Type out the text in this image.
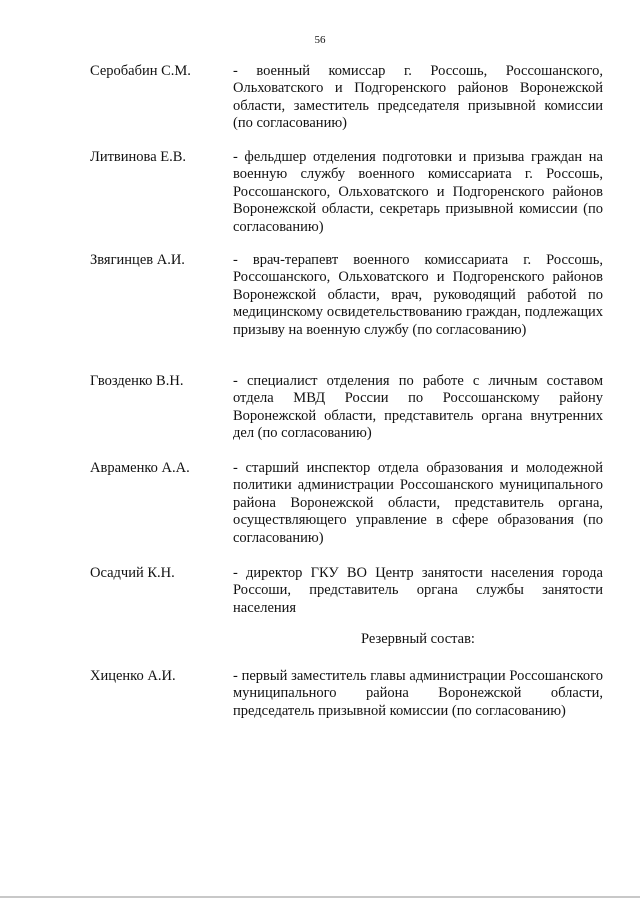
56
Серобабин С.М.	- военный комиссар г. Россошь, Россошанского, Ольховатского и Подгоренского районов Воронежской области, заместитель председателя призывной комиссии (по согласованию)
Литвинова Е.В.	- фельдшер отделения подготовки и призыва граждан на военную службу военного комиссариата г. Россошь, Россошанского, Ольховатского и Подгоренского районов Воронежской области, секретарь призывной комиссии (по согласованию)
Звягинцев А.И.	- врач-терапевт военного комиссариата г. Россошь, Россошанского, Ольховатского и Подгоренского районов Воронежской области, врач, руководящий работой по медицинскому освидетельствованию граждан, подлежащих призыву на военную службу (по согласованию)
Гвозденко В.Н.	- специалист отделения по работе с личным составом отдела МВД России по Россошанскому району Воронежской области, представитель органа внутренних дел (по согласованию)
Авраменко А.А.	- старший инспектор отдела образования и молодежной политики администрации Россошанского муниципального района Воронежской области, представитель органа, осуществляющего управление в сфере образования (по согласованию)
Осадчий К.Н.	- директор ГКУ ВО Центр занятости населения города Россоши, представитель органа службы занятости населения
Резервный состав:
Хиценко А.И.	- первый заместитель главы администрации Россошанского муниципального района Воронежской области, председатель призывной комиссии (по согласованию)
